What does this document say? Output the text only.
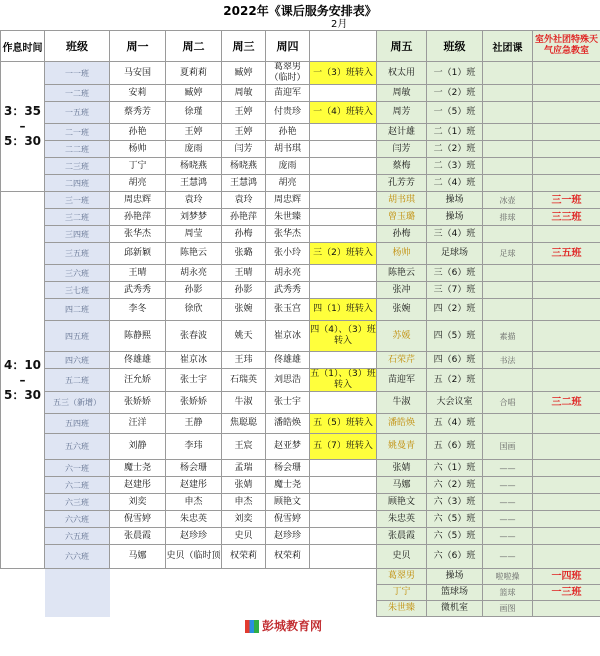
2022年《课后服务安排表》
2月
作息时间	班级	周一	周二	周三	周四		周五	班级	社团课	室外社团特殊天气应急教室
3：35
–
5：30	一一班	马安国	夏莉莉	臧婷	葛翠男（临时）	一（3）班转入	权太用	一（1）班		
	一二班	安莉	臧婷	周敏	苗迎军		周敏	一（2）班		
	一五班	蔡秀芳	徐瑾	王婷	付贵珍	一（4）班转入	周芳	一（5）班		
	二一班	孙艳	王婷	王婷	孙艳		赵计雄	二（1）班		
	二二班	杨帅	庞雨	闫芳	胡书琪		闫芳	二（2）班		
	二三班	丁宁	杨晓燕	杨晓燕	庞雨		蔡梅	二（3）班		
	二四班	胡亮	王慧鸿	王慧鸿	胡亮		孔芳芳	二（4）班		
4：10
–
5：30	三一班	周忠辉	袁玲	袁玲	周忠辉		胡书琪	操场	冰壶	三一班
	三二班	孙艳萍	刘梦梦	孙艳萍	朱世臻		曾玉璐	操场	排球	三三班
	三四班	张华杰	周莹	孙梅	张华杰		孙梅	三（4）班		
	三五班	邱新颖	陈艳云	张璐	张小玲	三（2）班转入	杨帅	足球场	足球	三五班
	三六班	王晴	胡永亮	王晴	胡永亮		陈艳云	三（6）班		
	三七班	武秀秀	孙影	孙影	武秀秀		张冲	三（7）班		
	四二班	李冬	徐欣	张婉	张玉宫	四（1）班转入	张婉	四（2）班		
	四五班	陈静熙	张春波	姚天	崔京冰	四（4）、（3）班转入	苏媛	四（5）班	素描	
	四六班	佟雄雄	崔京冰	王玮	佟雄雄		石荣芹	四（6）班	书法	
	五二班	汪允娇	张士宇	石瑞英	刘思浩	五（1）、（3）班转入	苗迎军	五（2）班		
	五三（新增）	张娇娇	张娇娇	牛淑	张士宇		牛淑	大会议室	合唱	三二班
	五四班	汪洋	王静	焦聪聪	潘皓焕	五（5）班转入	潘皓焕	五（4）班		
	五六班	刘静	李玮	王宸	赵亚梦	五（7）班转入	姚曼青	五（6）班	国画	
	六一班	魔士尧	杨会珊	孟瑞	杨会珊		张婧	六（1）班	——	
	六二班	赵建彤	赵建彤	张婧	魔士尧		马娜	六（2）班	——	
	六三班	刘奕	申杰	申杰	顾艳文		顾艳文	六（3）班	——	
	六六班	倪雪婷	朱忠英	刘奕	倪雪婷		朱忠英	六（5）班	——	
	六五班	张晨霞	赵珍珍	史贝	赵珍珍		张晨霞	六（5）班	——	
	六六班	马娜	史贝（临时顶	权荣莉	权荣莉		史贝	六（6）班	——	
							葛翠男	操场	啦啦操	一四班
							丁宁	篮球场	篮球	一三班
							朱世臻	微机室	画图	
彭城教育网
